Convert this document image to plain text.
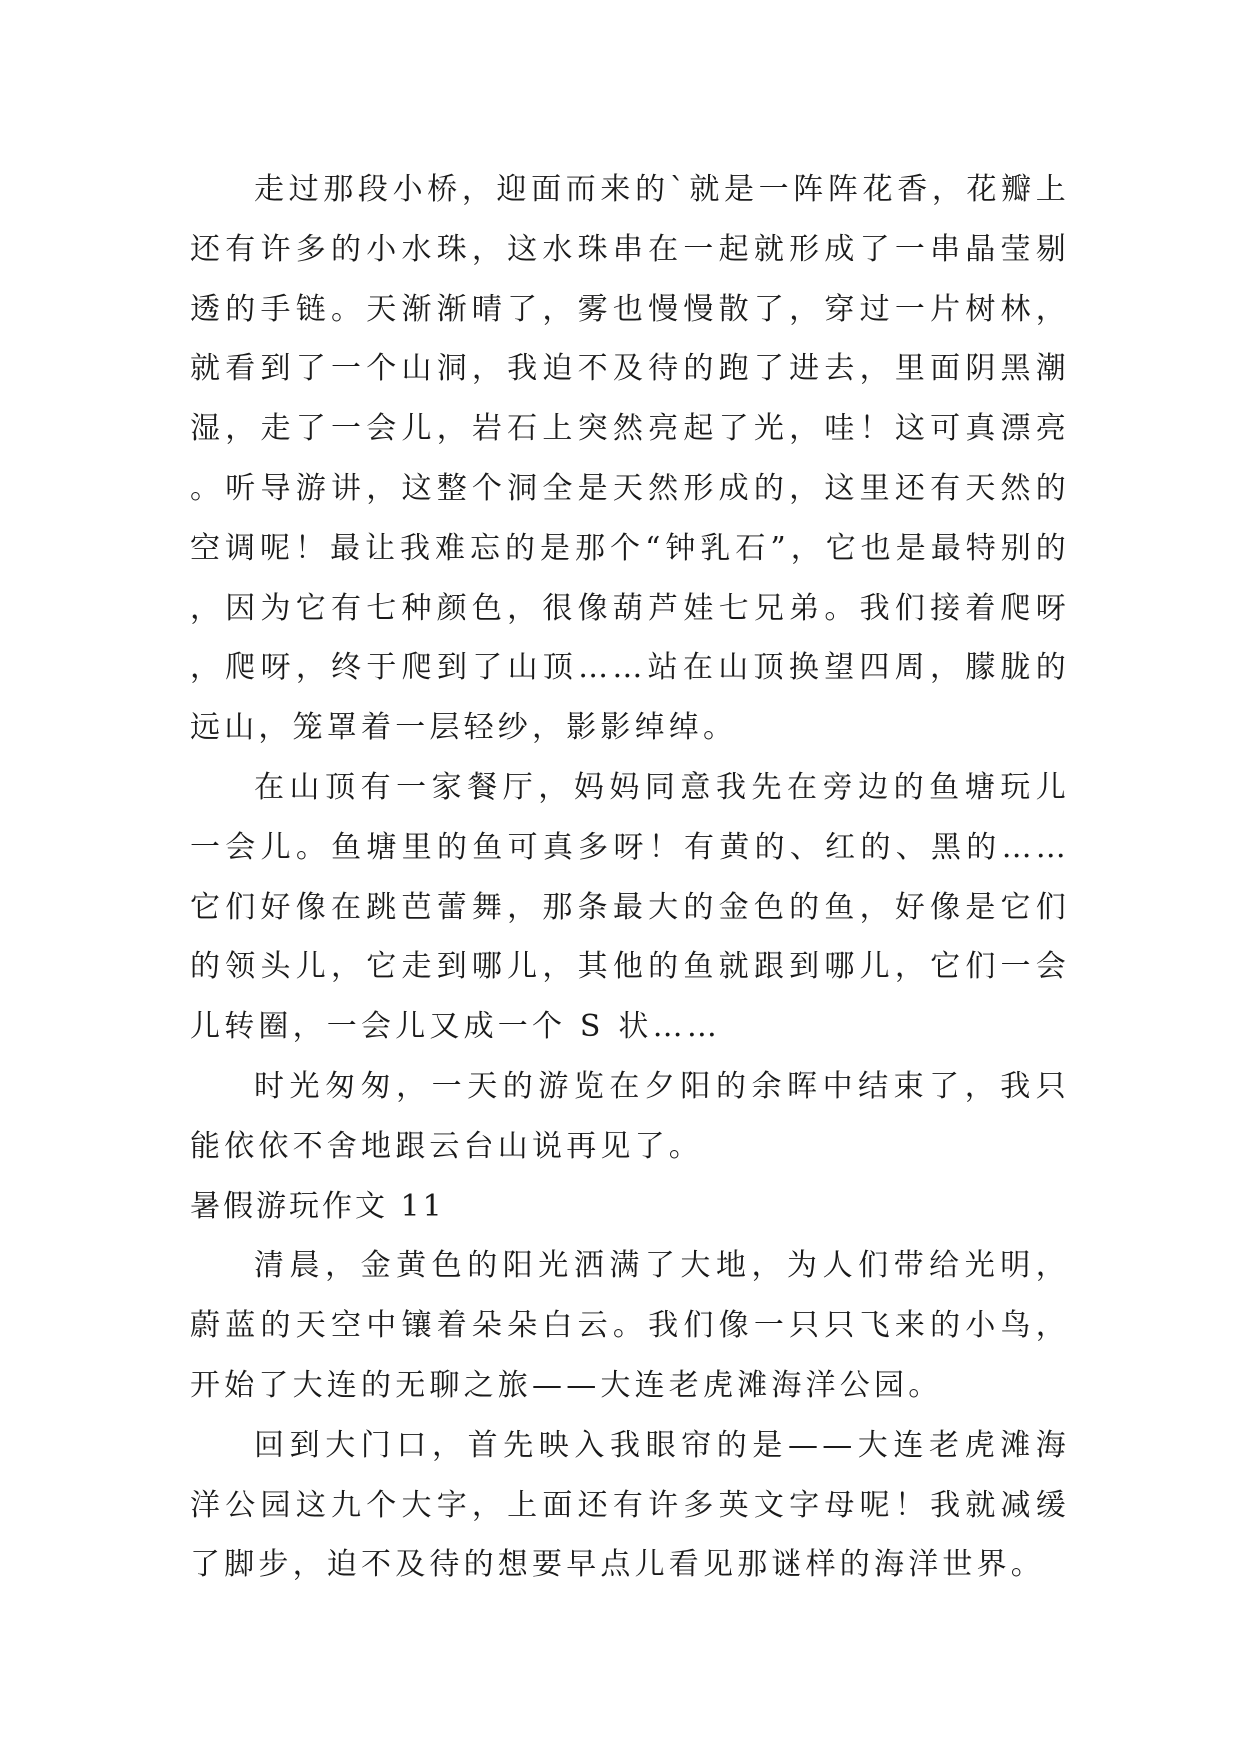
走过那段小桥，迎面而来的`就是一阵阵花香，花瓣上还有许多的小水珠，这水珠串在一起就形成了一串晶莹剔透的手链。天渐渐晴了，雾也慢慢散了，穿过一片树林，就看到了一个山洞，我迫不及待的跑了进去，里面阴黑潮湿，走了一会儿，岩石上突然亮起了光，哇！这可真漂亮。听导游讲，这整个洞全是天然形成的，这里还有天然的空调呢！最让我难忘的是那个“钟乳石”，它也是最特别的，因为它有七种颜色，很像葫芦娃七兄弟。我们接着爬呀，爬呀，终于爬到了山顶……站在山顶换望四周，朦胧的远山，笼罩着一层轻纱，影影绰绰。

在山顶有一家餐厅，妈妈同意我先在旁边的鱼塘玩儿一会儿。鱼塘里的鱼可真多呀！有黄的、红的、黑的……它们好像在跳芭蕾舞，那条最大的金色的鱼，好像是它们的领头儿，它走到哪儿，其他的鱼就跟到哪儿，它们一会儿转圈，一会儿又成一个 S 状……

时光匆匆，一天的游览在夕阳的余晖中结束了，我只能依依不舍地跟云台山说再见了。

暑假游玩作文 11

清晨，金黄色的阳光洒满了大地，为人们带给光明，蔚蓝的天空中镶着朵朵白云。我们像一只只飞来的小鸟，开始了大连的无聊之旅——大连老虎滩海洋公园。

回到大门口，首先映入我眼帘的是——大连老虎滩海洋公园这九个大字，上面还有许多英文字母呢！我就减缓了脚步，迫不及待的想要早点儿看见那谜样的海洋世界。
